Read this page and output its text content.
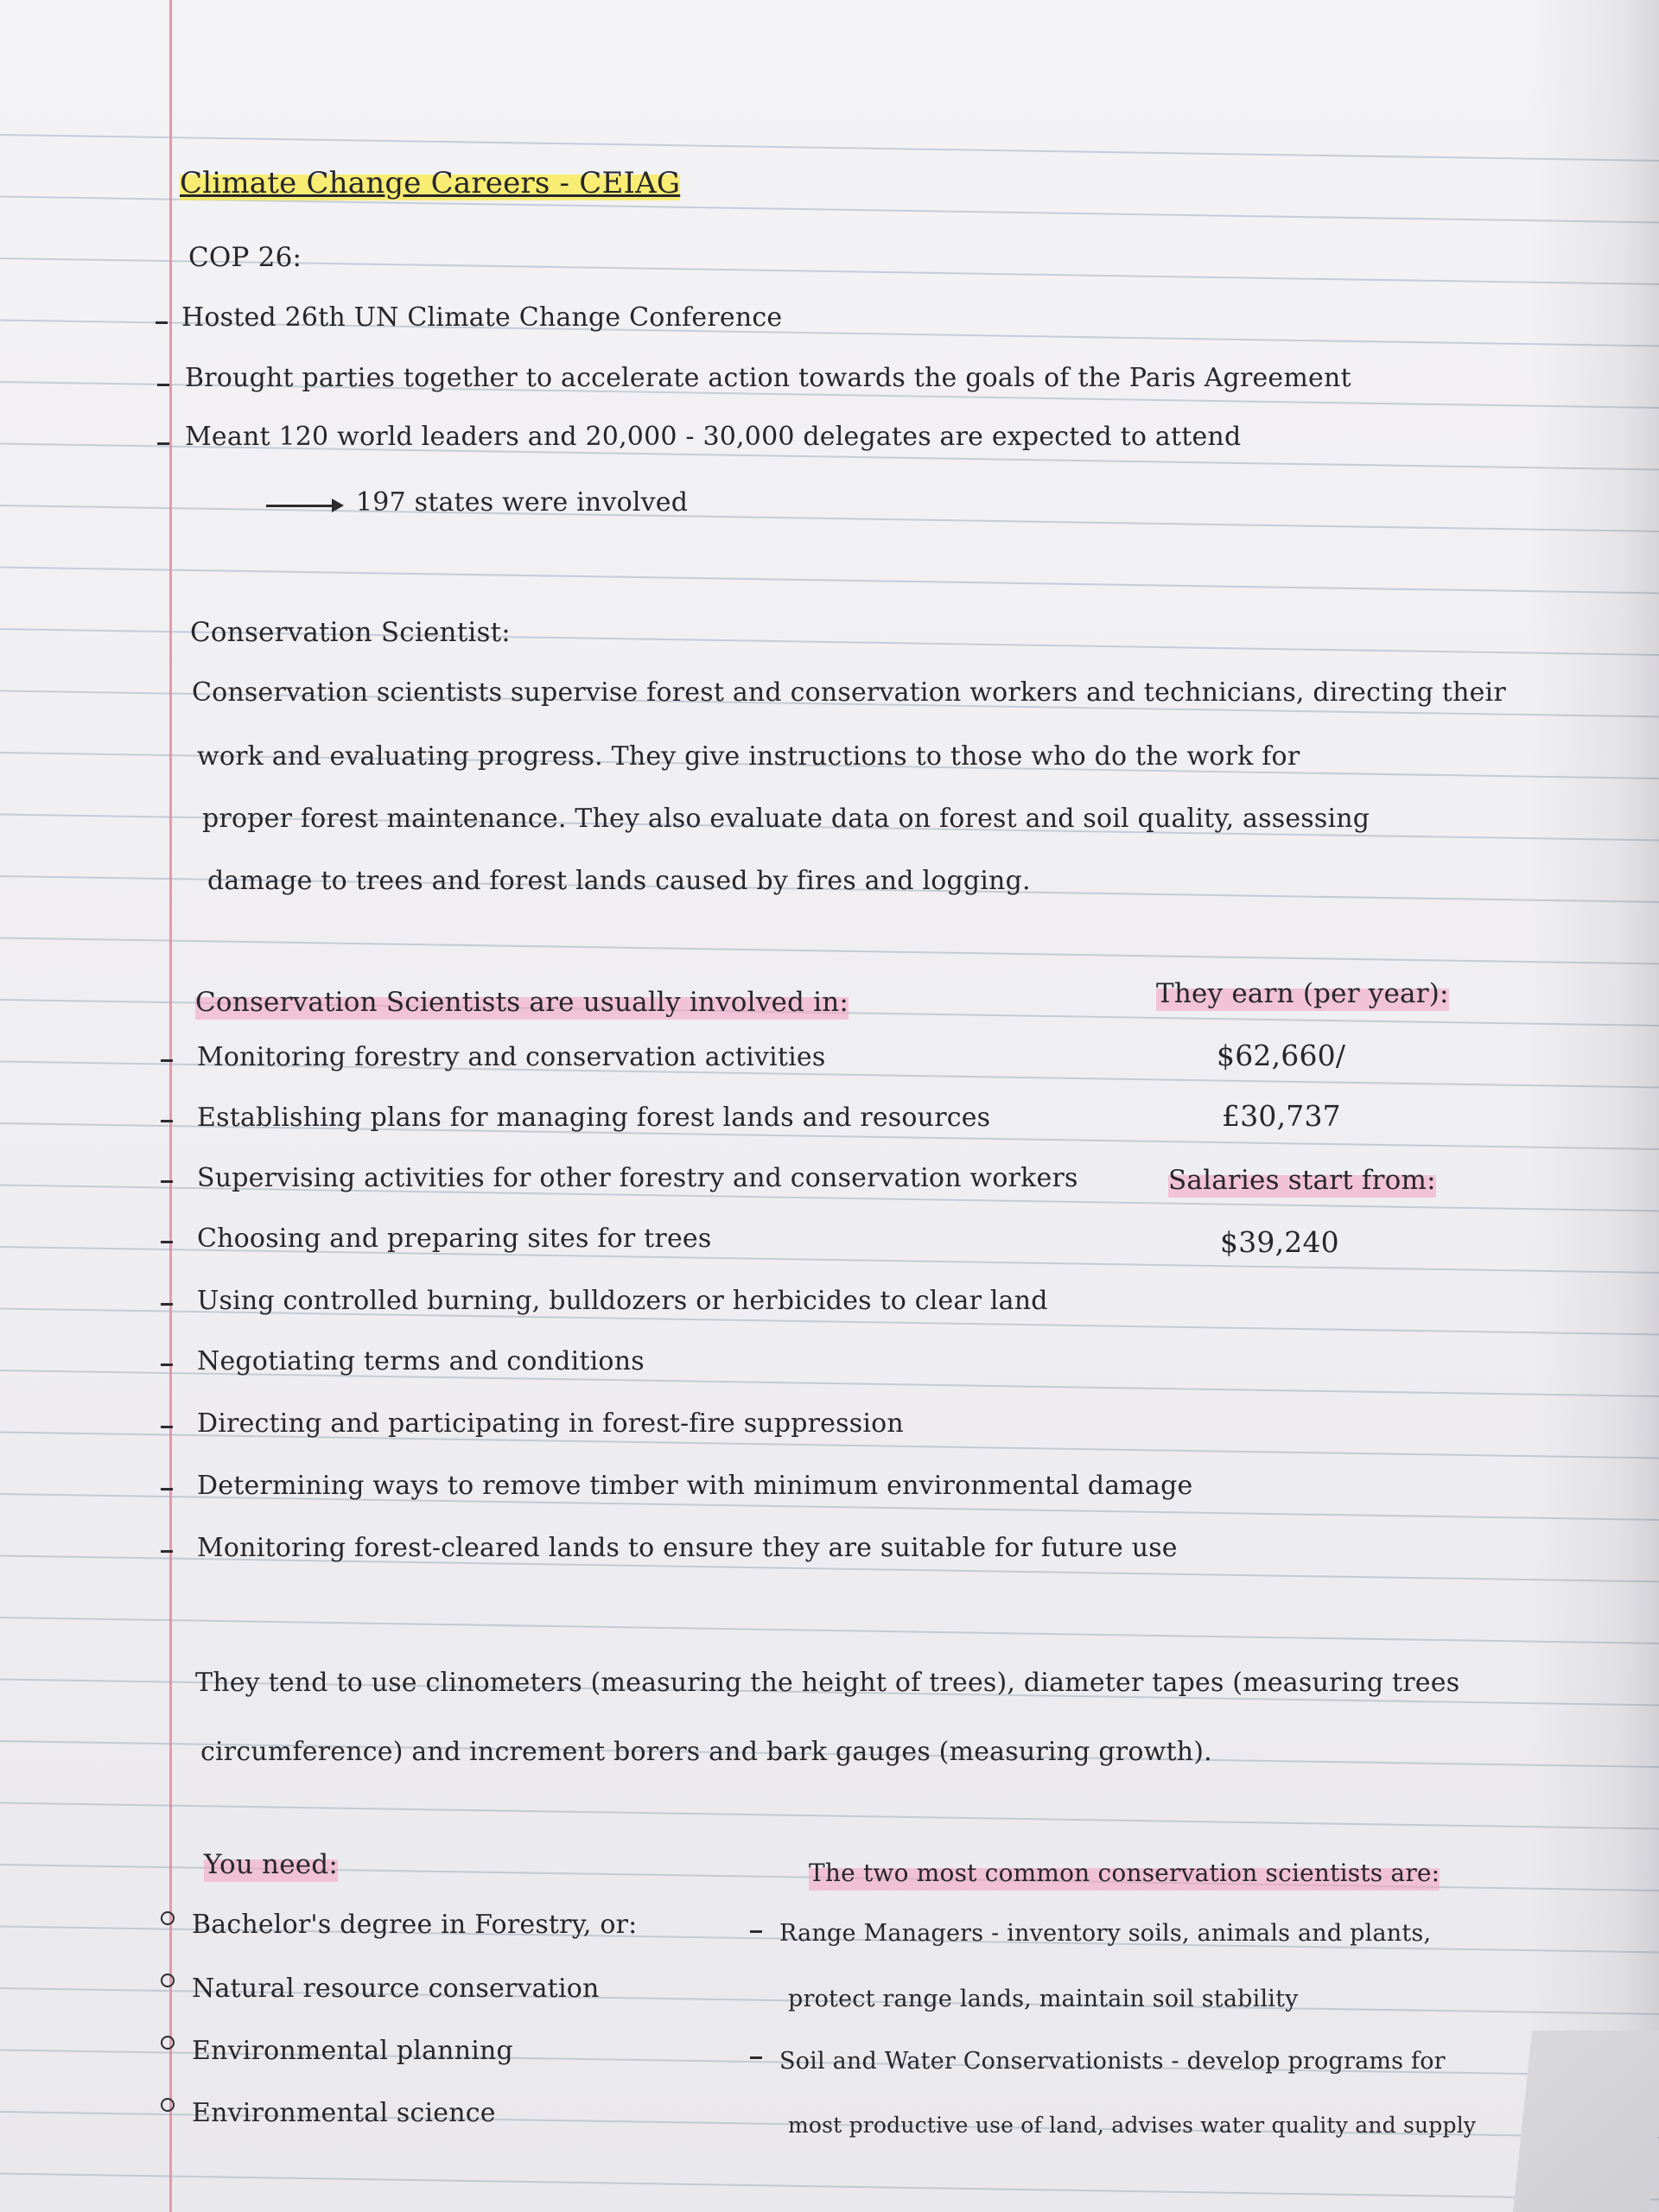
Climate Change Careers - CEIAG
COP 26:
Hosted 26th UN Climate Change Conference
Brought parties together to accelerate action towards the goals of the Paris Agreement
Meant 120 world leaders and 20,000 - 30,000 delegates are expected to attend
197 states were involved
Conservation Scientist:
Conservation scientists supervise forest and conservation workers and technicians, directing their
work and evaluating progress. They give instructions to those who do the work for
proper forest maintenance. They also evaluate data on forest and soil quality, assessing
damage to trees and forest lands caused by fires and logging.
Conservation Scientists are usually involved in:
Monitoring forestry and conservation activities
Establishing plans for managing forest lands and resources
Supervising activities for other forestry and conservation workers
Choosing and preparing sites for trees
Using controlled burning, bulldozers or herbicides to clear land
Negotiating terms and conditions
Directing and participating in forest-fire suppression
Determining ways to remove timber with minimum environmental damage
Monitoring forest-cleared lands to ensure they are suitable for future use
They earn (per year):
$62,660/
£30,737
Salaries start from:
$39,240
They tend to use clinometers (measuring the height of trees), diameter tapes (measuring trees
circumference) and increment borers and bark gauges (measuring growth).
You need:
Bachelor's degree in Forestry, or:
Natural resource conservation
Environmental planning
Environmental science
The two most common conservation scientists are:
Range Managers - inventory soils, animals and plants,
protect range lands, maintain soil stability
Soil and Water Conservationists - develop programs for
most productive use of land, advises water quality and supply
